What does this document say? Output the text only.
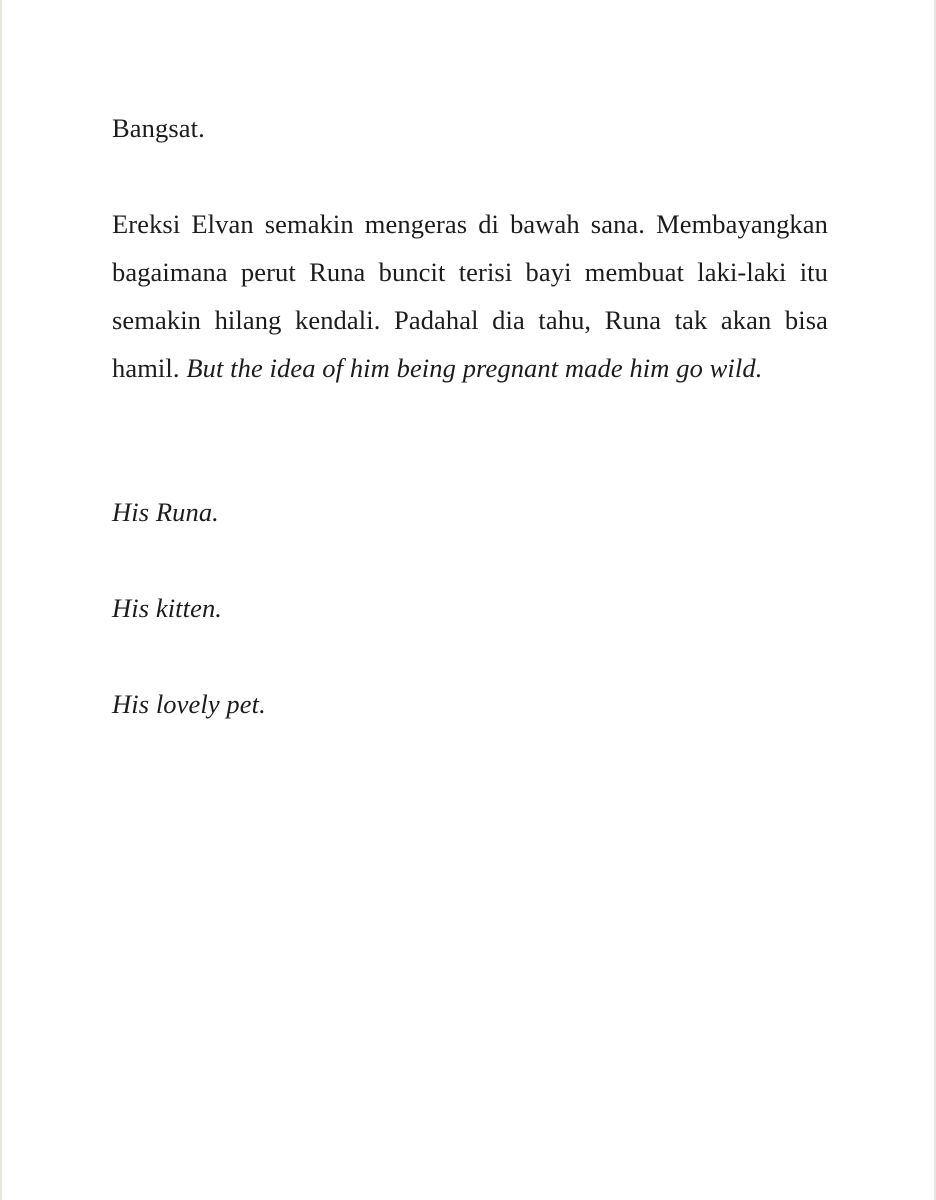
Bangsat.

Ereksi Elvan semakin mengeras di bawah sana. Membayangkan bagaimana perut Runa buncit terisi bayi membuat laki-laki itu semakin hilang kendali. Padahal dia tahu, Runa tak akan bisa hamil. But the idea of him being pregnant made him go wild.

His Runa.

His kitten.

His lovely pet.
